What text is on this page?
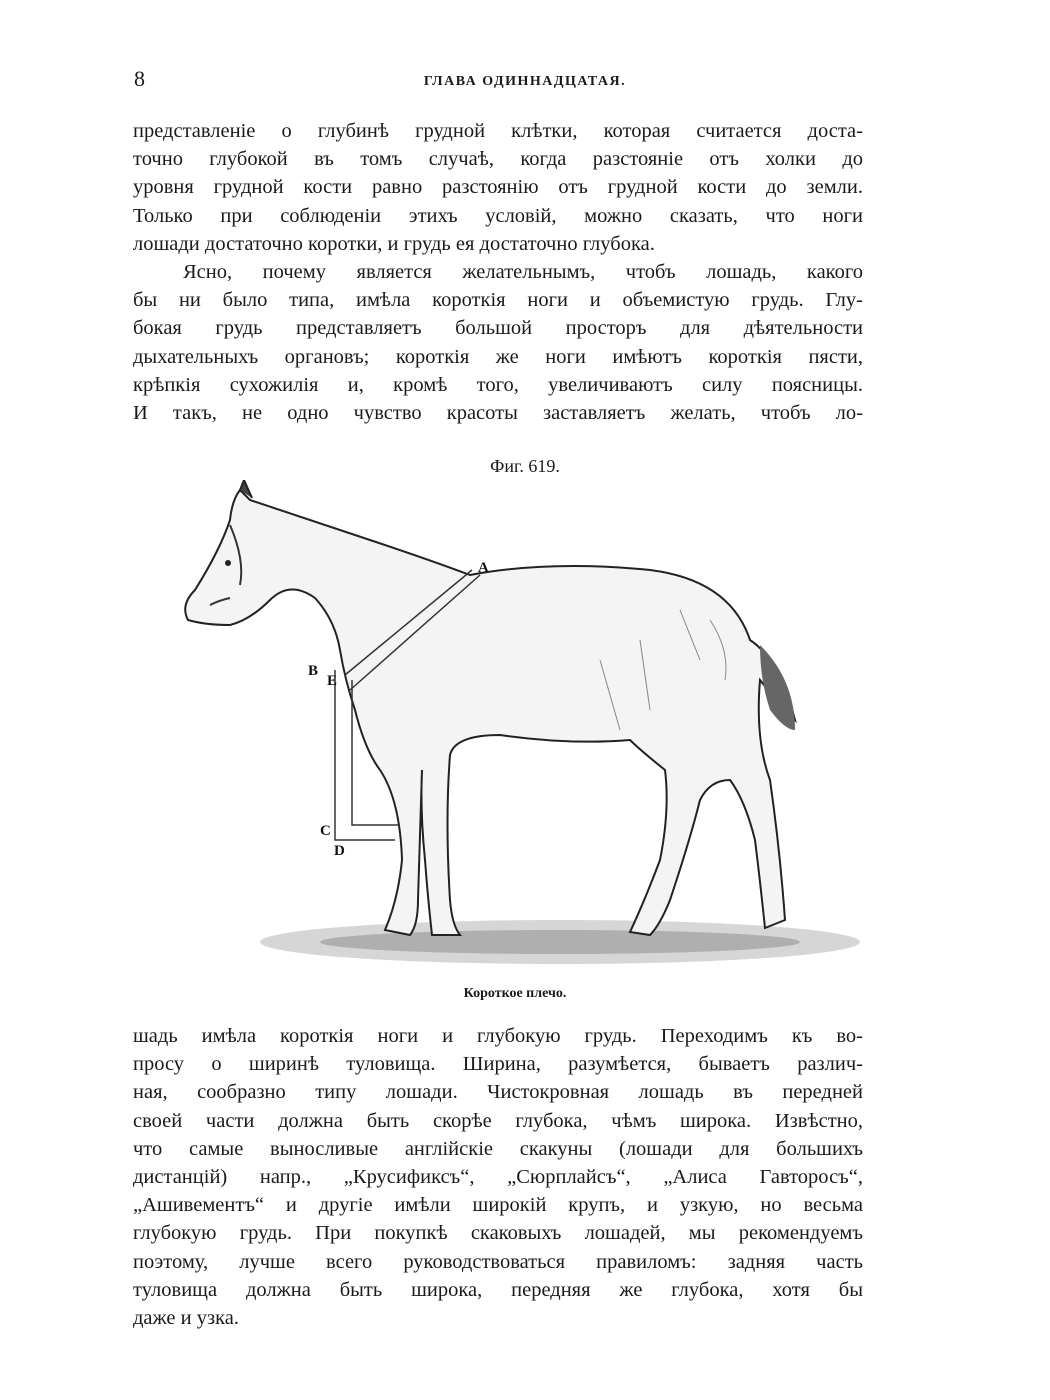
8	ГЛАВА ОДИННАДЦАТАЯ.
представленіе о глубинѣ грудной клѣтки, которая считается доста-
точно глубокой въ томъ случаѣ, когда разстояніе отъ холки до
уровня грудной кости равно разстоянію отъ грудной кости до земли.
Только при соблюденіи этихъ условій, можно сказать, что ноги
лошади достаточно коротки, и грудь ея достаточно глубока.
Ясно, почему является желательнымъ, чтобъ лошадь, какого
бы ни было типа, имѣла короткія ноги и объемистую грудь. Глу-
бокая грудь представляетъ большой просторъ для дѣятельности
дыхательныхъ органовъ; короткія же ноги имѣютъ короткія пясти,
крѣпкія сухожилія и, кромѣ того, увеличиваютъ силу поясницы.
И такъ, не одно чувство красоты заставляетъ желать, чтобъ ло-
Фиг. 619.
A
B
E
C
D
Короткое плечо.
шадь имѣла короткія ноги и глубокую грудь. Переходимъ къ во-
просу о ширинѣ туловища. Ширина, разумѣется, бываетъ различ-
ная, сообразно типу лошади. Чистокровная лошадь въ передней
своей части должна быть скорѣе глубока, чѣмъ широка. Извѣстно,
что самые выносливые англійскіе скакуны (лошади для большихъ
дистанцій) напр., „Крусификсъ“, „Сюрплайсъ“, „Алиса Гавторосъ“,
„Ашивементъ“ и другіе имѣли широкій крупъ, и узкую, но весьма
глубокую грудь. При покупкѣ скаковыхъ лошадей, мы рекомендуемъ
поэтому, лучше всего руководствоваться правиломъ: задняя часть
туловища должна быть широка, передняя же глубока, хотя бы
даже и узка.
